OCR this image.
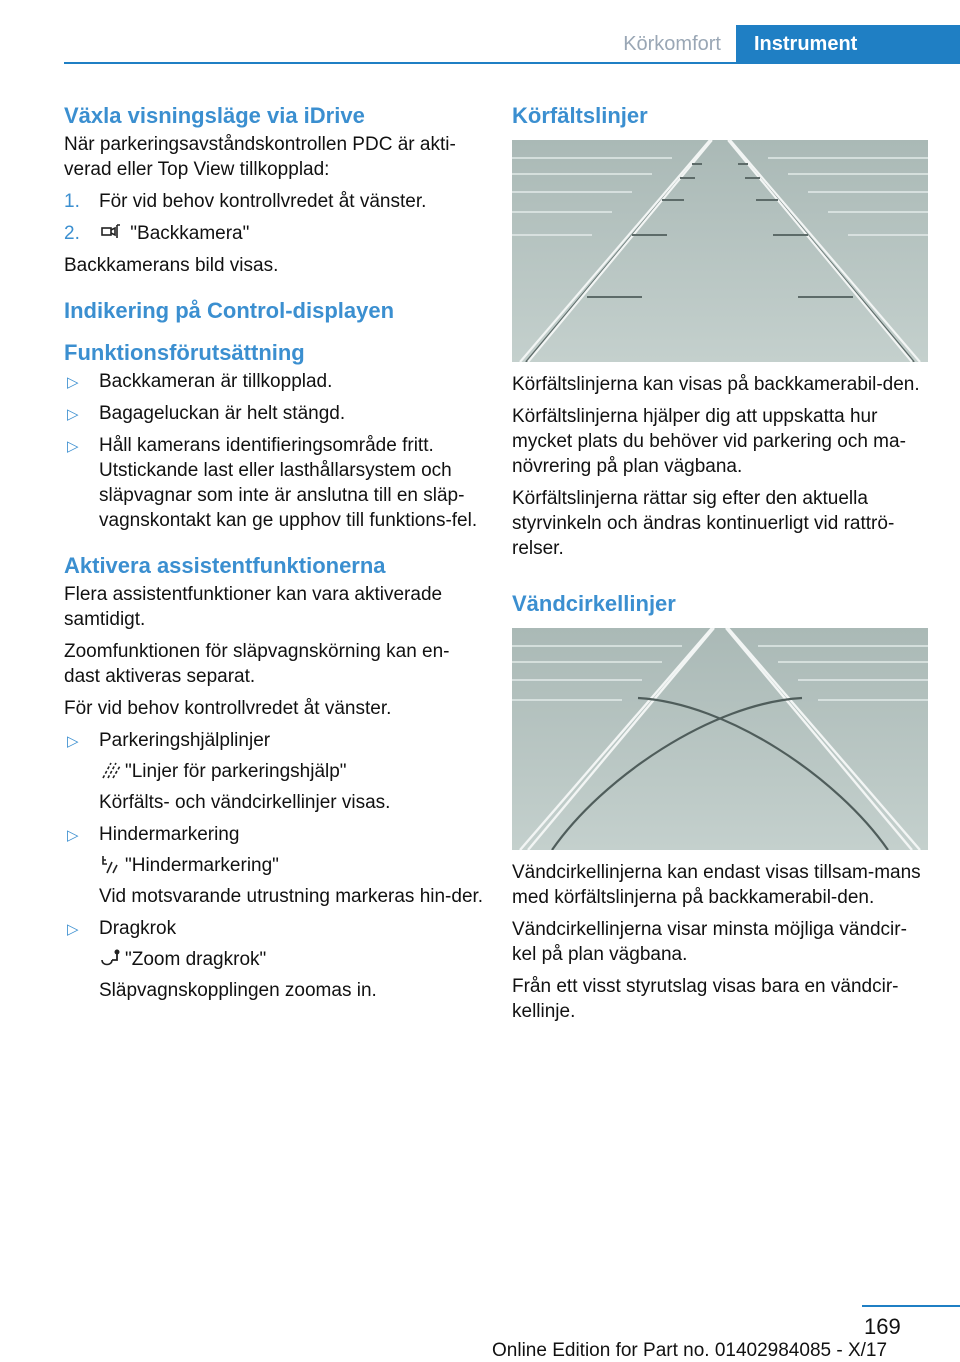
Körkomfort	Instrument
Växla visningsläge via iDrive

När parkeringsavståndskontrollen PDC är akti-verad eller Top View tillkopplad:

1. För vid behov kontrollvredet åt vänster.
2.	"Backkamera"

Backkamerans bild visas.

Indikering på Control-displayen
Funktionsförutsättning
▷ Backkameran är tillkopplad.
▷ Bagageluckan är helt stängd.
▷ Håll kamerans identifieringsområde fritt. Utstickande last eller lasthållarsystem och släpvagnar som inte är anslutna till en släp-vagnskontakt kan ge upphov till funktions-fel.
Aktivera assistentfunktionerna

Flera assistentfunktioner kan vara aktiverade samtidigt.

Zoomfunktionen för släpvagnskörning kan en-dast aktiveras separat.

För vid behov kontrollvredet åt vänster.

▷ Parkeringshjälplinjer
"Linjer för parkeringshjälp"
Körfälts- och vändcirkellinjer visas.
▷ Hindermarkering
"Hindermarkering"
Vid motsvarande utrustning markeras hin-der.
▷ Dragkrok
"Zoom dragkrok"
Släpvagnskopplingen zoomas in.
Körfältslinjer

Körfältslinjerna kan visas på backkamerabil-den.

Körfältslinjerna hjälper dig att uppskatta hur mycket plats du behöver vid parkering och ma-növrering på plan vägbana.

Körfältslinjerna rättar sig efter den aktuella styrvinkeln och ändras kontinuerligt vid rattrö-relser.

Vändcirkellinjer

Vändcirkellinjerna kan endast visas tillsam-mans med körfältslinjerna på backkamerabil-den.

Vändcirkellinjerna visar minsta möjliga vändcir-kel på plan vägbana.

Från ett visst styrutslag visas bara en vändcir-kellinje.

169
Online Edition for Part no. 01402984085 - X/17
